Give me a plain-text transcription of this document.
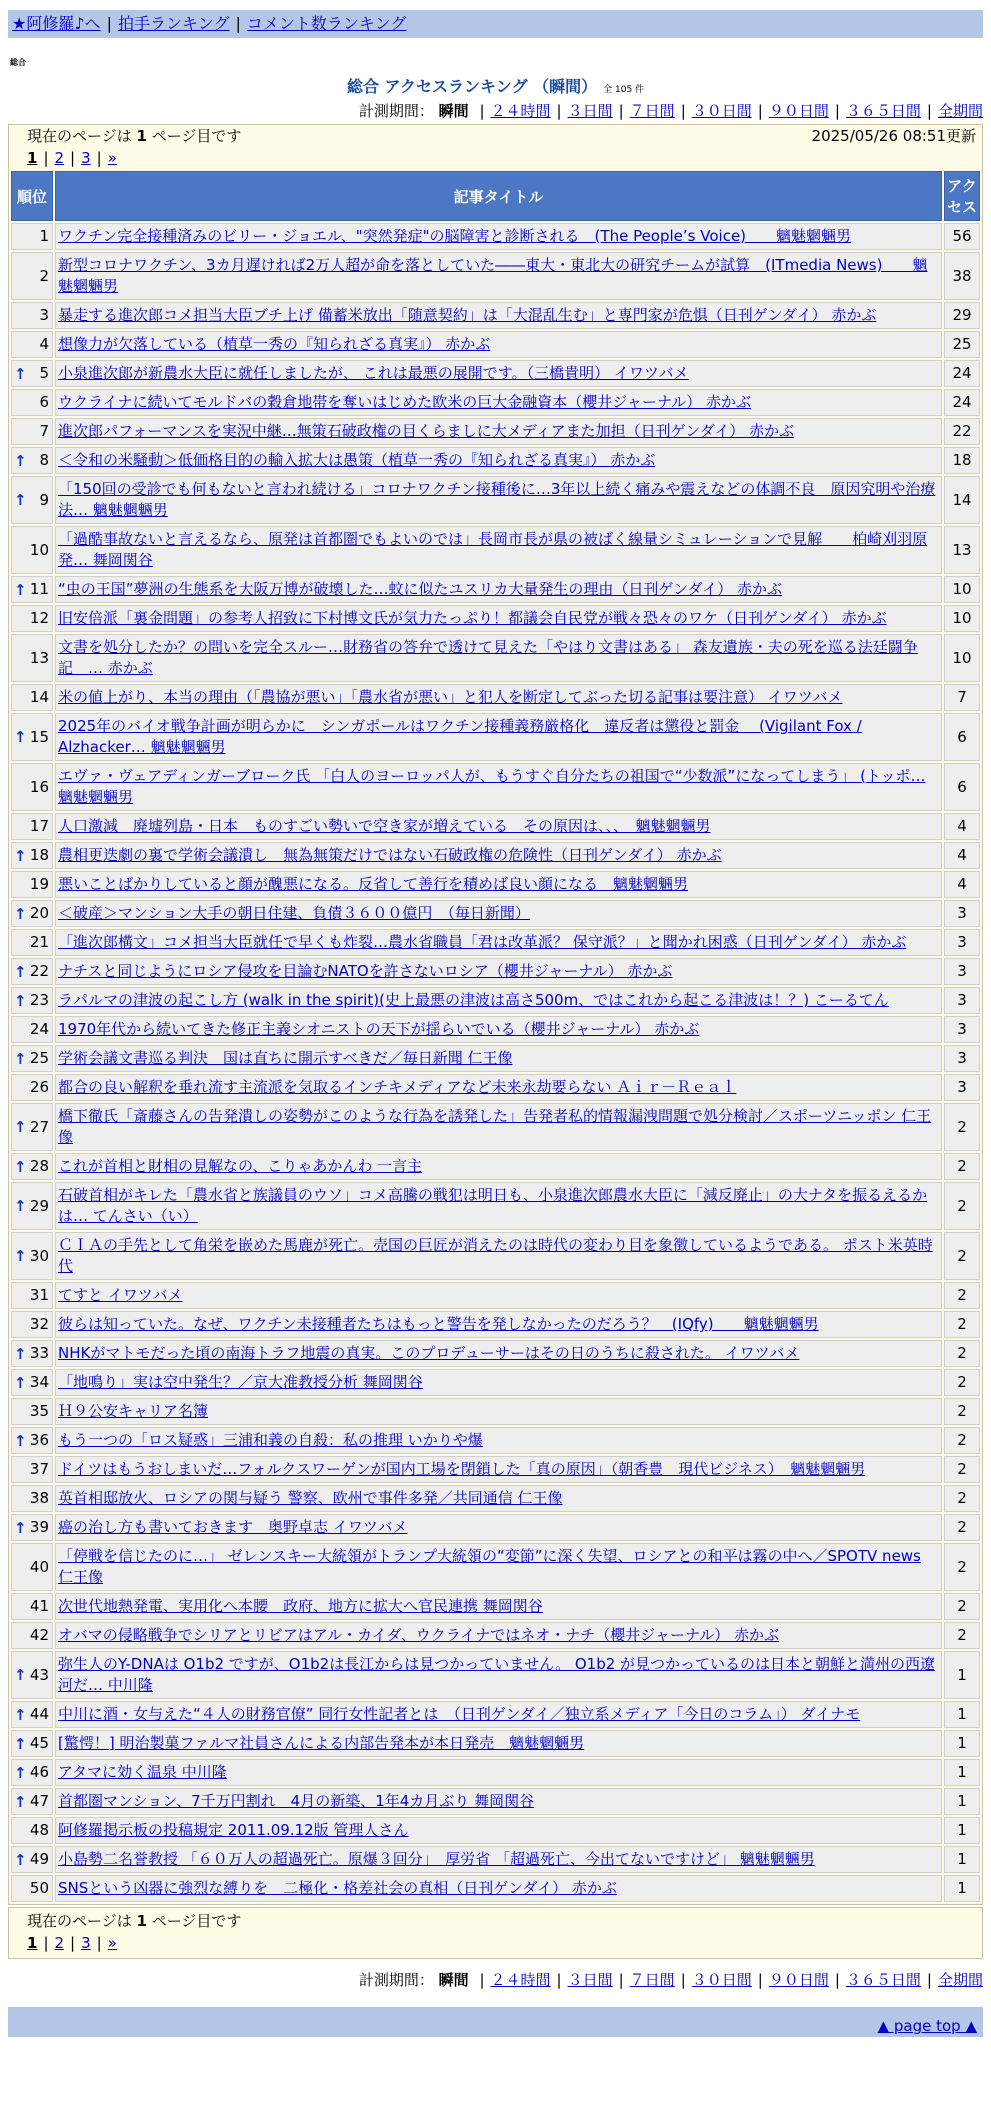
★阿修羅♪へ | 拍手ランキング | コメント数ランキング
総合
総合 アクセスランキング （瞬間） 全 105 件
計測期間： 瞬間 | ２４時間 | ３日間 | ７日間 | ３０日間 | ９０日間 | ３６５日間 | 全期間
現在のページは 1 ページ目です	2025/05/26 08:51更新
1 | 2 | 3 | »
順位	記事タイトル	アクセス
1	ワクチン完全接種済みのビリー・ジョエル、"突然発症"の脳障害と診断される　(The People’s Voice)　　魑魅魍魎男	56
2	新型コロナワクチン、3カ月遅ければ2万人超が命を落としていた――東大・東北大の研究チームが試算　(ITmedia News)　　魑魅魍魎男	38
3	暴走する進次郎コメ担当大臣ブチ上げ 備蓄米放出「随意契約」は「大混乱生む」と専門家が危惧（日刊ゲンダイ） 赤かぶ	29
4	想像力が欠落している（植草一秀の『知られざる真実』） 赤かぶ	25

↑ 5	小泉進次郎が新農水大臣に就任しましたが、 これは最悪の展開です。（三橋貴明） イワツバメ	24
6	ウクライナに続いてモルドバの穀倉地帯を奪いはじめた欧米の巨大金融資本（櫻井ジャーナル） 赤かぶ	24
7	進次郎パフォーマンスを実況中継…無策石破政権の目くらましに大メディアまた加担（日刊ゲンダイ） 赤かぶ	22

↑ 8	＜令和の米騒動＞低価格目的の輸入拡大は愚策（植草一秀の『知られざる真実』） 赤かぶ	18

↑ 9	「150回の受診でも何もないと言われ続ける」コロナワクチン接種後に…3年以上続く痛みや震えなどの体調不良　原因究明や治療法… 魑魅魍魎男	14
10	「過酷事故ないと言えるなら、原発は首都圏でもよいのでは」長岡市長が県の被ばく線量シミュレーションで見解　　柏崎刈羽原発… 舞岡関谷	13

↑ 11	“虫の王国”夢洲の生態系を大阪万博が破壊した…蚊に似たユスリカ大量発生の理由（日刊ゲンダイ） 赤かぶ	10
12	旧安倍派「裏金問題」の参考人招致に下村博文氏が気力たっぷり！都議会自民党が戦々恐々のワケ（日刊ゲンダイ） 赤かぶ	10
13	文書を処分したか？の問いを完全スルー…財務省の答弁で透けて見えた「やはり文書はある」 森友遺族・夫の死を巡る法廷闘争記　… 赤かぶ	10
14	米の値上がり、本当の理由（「農協が悪い」「農水省が悪い」と犯人を断定してぶった切る記事は要注意） イワツバメ	7

↑ 15	2025年のバイオ戦争計画が明らかに　シンガポールはワクチン接種義務厳格化　違反者は懲役と罰金　 (Vigilant Fox / Alzhacker… 魑魅魍魎男	6
16	エヴァ・ヴェアディンガーブローク氏 「白人のヨーロッパ人が、もうすぐ自分たちの祖国で“少数派”になってしまう」 (トッポ… 魑魅魍魎男	6
17	人口激減　廃墟列島・日本　ものすごい勢いで空き家が増えている　その原因は、、、　魑魅魍魎男	4

↑ 18	農相更迭劇の裏で学術会議潰し　無為無策だけではない石破政権の危険性（日刊ゲンダイ） 赤かぶ	4
19	悪いことばかりしていると顔が醜悪になる。反省して善行を積めば良い顔になる　魑魅魍魎男	4

↑ 20	＜破産＞マンション大手の朝日住建、負債３６００億円　（毎日新聞）	3
21	「進次郎構文」コメ担当大臣就任で早くも炸裂…農水省職員「君は改革派？ 保守派？」と聞かれ困惑（日刊ゲンダイ） 赤かぶ	3

↑ 22	ナチスと同じようにロシア侵攻を目論むNATOを許さないロシア（櫻井ジャーナル） 赤かぶ	3

↑ 23	ラパルマの津波の起こし方 (walk in the spirit)(史上最悪の津波は高さ500m、ではこれから起こる津波は！？) こーるてん	3
24	1970年代から続いてきた修正主義シオニストの天下が揺らいでいる（櫻井ジャーナル） 赤かぶ	3

↑ 25	学術会議文書巡る判決　国は直ちに開示すべきだ／毎日新聞 仁王像	3
26	都合の良い解釈を垂れ流す主流派を気取るインチキメディアなど未来永劫要らない Ａｉｒ－Ｒｅａｌ	3

↑ 27	橋下徹氏「斎藤さんの告発潰しの姿勢がこのような行為を誘発した」告発者私的情報漏洩問題で処分検討／スポーツニッポン 仁王像	2

↑ 28	これが首相と財相の見解なの、こりゃあかんわ 一言主	2

↑ 29	石破首相がキレた「農水省と族議員のウソ」コメ高騰の戦犯は明日も、小泉進次郎農水大臣に「減反廃止」の大ナタを振るえるかは… てんさい（い）	2

↑ 30	ＣＩＡの手先として角栄を嵌めた馬鹿が死亡。売国の巨匠が消えたのは時代の変わり目を象徴しているようである。 ポスト米英時代	2
31	てすと イワツバメ	2
32	彼らは知っていた。なぜ、ワクチン未接種者たちはもっと警告を発しなかったのだろう？　(IQfy)　　魑魅魍魎男	2

↑ 33	NHKがマトモだった頃の南海トラフ地震の真実。このプロデューサーはその日のうちに殺された。 イワツバメ	2

↑ 34	「地鳴り」実は空中発生？／京大准教授分析 舞岡関谷	2
35	Ｈ９公安キャリア名簿	2

↑ 36	もう一つの「ロス疑惑」三浦和義の自殺：私の推理 いかりや爆	2
37	ドイツはもうおしまいだ…フォルクスワーゲンが国内工場を閉鎖した「真の原因」（朝香豊　現代ビジネス）　魑魅魍魎男	2
38	英首相邸放火、ロシアの関与疑う 警察、欧州で事件多発／共同通信 仁王像	2

↑ 39	癌の治し方も書いておきます　奥野卓志 イワツバメ	2
40	「停戦を信じたのに…」 ゼレンスキー大統領がトランプ大統領の“変節”に深く失望、ロシアとの和平は霧の中へ／SPOTV news 仁王像	2
41	次世代地熱発電、実用化へ本腰　政府、地方に拡大へ官民連携 舞岡関谷	2
42	オバマの侵略戦争でシリアとリビアはアル・カイダ、ウクライナではネオ・ナチ（櫻井ジャーナル） 赤かぶ	2

↑ 43	弥生人のY-DNAは O1b2 ですが、O1b2は長江からは見つかっていません。 O1b2 が見つかっているのは日本と朝鮮と満州の西遼河だ… 中川隆	1

↑ 44	中川に酒・女与えた“４人の財務官僚” 同行女性記者とは　（日刊ゲンダイ／独立系メディア「今日のコラム」） ダイナモ	1

↑ 45	[驚愕！] 明治製菓ファルマ社員さんによる内部告発本が本日発売　魑魅魍魎男	1

↑ 46	アタマに効く温泉 中川隆	1

↑ 47	首都圏マンション、7千万円割れ　4月の新築、1年4カ月ぶり 舞岡関谷	1
48	阿修羅掲示板の投稿規定 2011.09.12版 管理人さん	1

↑ 49	小島勢二名誉教授 「６０万人の超過死亡。原爆３回分」　厚労省 「超過死亡、今出てないですけど」 魑魅魍魎男	1
50	SNSという凶器に強烈な縛りを　二極化・格差社会の真相（日刊ゲンダイ） 赤かぶ	1
現在のページは 1 ページ目です
1 | 2 | 3 | »
計測期間： 瞬間 | ２４時間 | ３日間 | ７日間 | ３０日間 | ９０日間 | ３６５日間 | 全期間
▲ page top ▲
